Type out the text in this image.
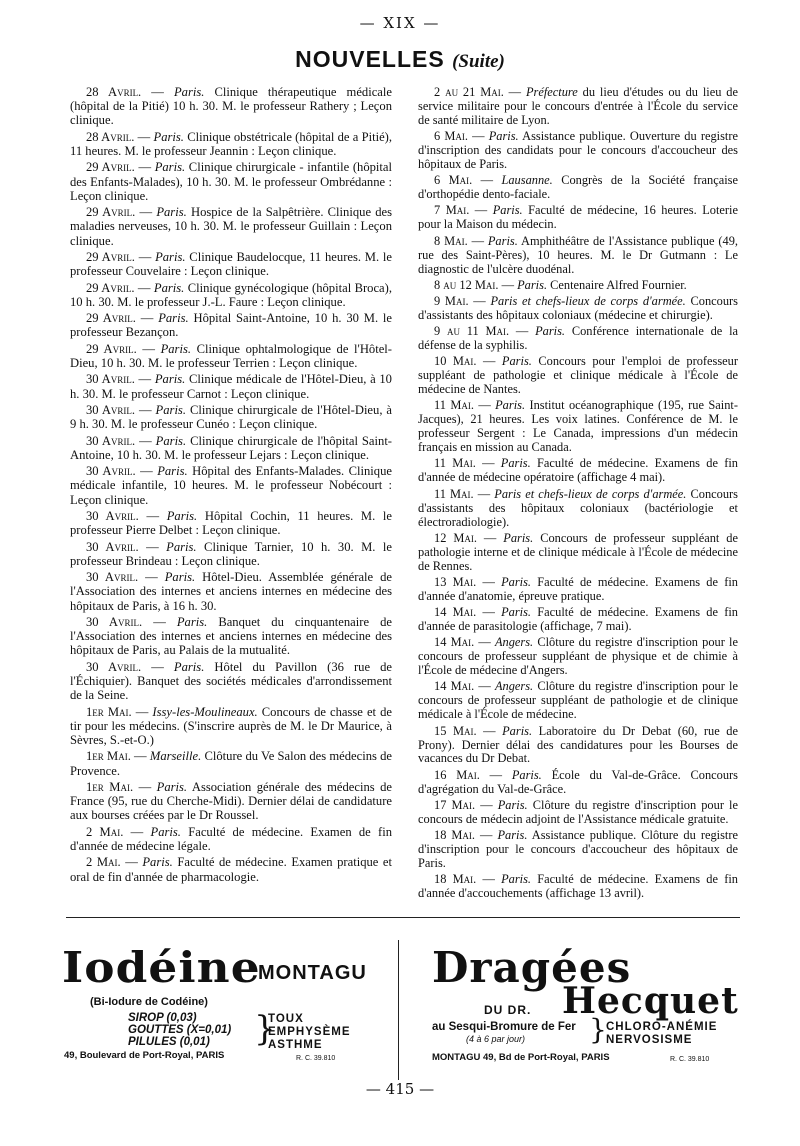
— XIX —
NOUVELLES (Suite)

28 Avril. — Paris. Clinique thérapeutique médicale (hôpital de la Pitié) 10 h. 30. M. le professeur Rathery ; Leçon clinique.

28 Avril. — Paris. Clinique obstétricale (hôpital de a Pitié), 11 heures. M. le professeur Jeannin : Leçon clinique.

29 Avril. — Paris. Clinique chirurgicale - infantile (hôpital des Enfants-Malades), 10 h. 30. M. le professeur Ombrédanne : Leçon clinique.

29 Avril. — Paris. Hospice de la Salpêtrière. Clinique des maladies nerveuses, 10 h. 30. M. le professeur Guillain : Leçon clinique.

29 Avril. — Paris. Clinique Baudelocque, 11 heures. M. le professeur Couvelaire : Leçon clinique.

29 Avril. — Paris. Clinique gynécologique (hôpital Broca), 10 h. 30. M. le professeur J.-L. Faure : Leçon clinique.

29 Avril. — Paris. Hôpital Saint-Antoine, 10 h. 30 M. le professeur Bezançon.

29 Avril. — Paris. Clinique ophtalmologique de l'Hôtel-Dieu, 10 h. 30. M. le professeur Terrien : Leçon clinique.

30 Avril. — Paris. Clinique médicale de l'Hôtel-Dieu, à 10 h. 30. M. le professeur Carnot : Leçon clinique.

30 Avril. — Paris. Clinique chirurgicale de l'Hôtel-Dieu, à 9 h. 30. M. le professeur Cunéo : Leçon clinique.

30 Avril. — Paris. Clinique chirurgicale de l'hôpital Saint-Antoine, 10 h. 30. M. le professeur Lejars : Leçon clinique.

30 Avril. — Paris. Hôpital des Enfants-Malades. Clinique médicale infantile, 10 heures. M. le professeur Nobécourt : Leçon clinique.

30 Avril. — Paris. Hôpital Cochin, 11 heures. M. le professeur Pierre Delbet : Leçon clinique.

30 Avril. — Paris. Clinique Tarnier, 10 h. 30. M. le professeur Brindeau : Leçon clinique.

30 Avril. — Paris. Hôtel-Dieu. Assemblée générale de l'Association des internes et anciens internes en médecine des hôpitaux de Paris, à 16 h. 30.

30 Avril. — Paris. Banquet du cinquantenaire de l'Association des internes et anciens internes en médecine des hôpitaux de Paris, au Palais de la mutualité.

30 Avril. — Paris. Hôtel du Pavillon (36 rue de l'Échiquier). Banquet des sociétés médicales d'arrondissement de la Seine.

1er Mai. — Issy-les-Moulineaux. Concours de chasse et de tir pour les médecins. (S'inscrire auprès de M. le Dr Maurice, à Sèvres, S.-et-O.)

1er Mai. — Marseille. Clôture du Ve Salon des médecins de Provence.

1er Mai. — Paris. Association générale des médecins de France (95, rue du Cherche-Midi). Dernier délai de candidature aux bourses créées par le Dr Roussel.

2 Mai. — Paris. Faculté de médecine. Examen de fin d'année de médecine légale.

2 Mai. — Paris. Faculté de médecine. Examen pratique et oral de fin d'année de pharmacologie.

2 au 21 Mai. — Préfecture du lieu d'études ou du lieu de service militaire pour le concours d'entrée à l'École du service de santé militaire de Lyon.

6 Mai. — Paris. Assistance publique. Ouverture du registre d'inscription des candidats pour le concours d'accoucheur des hôpitaux de Paris.

6 Mai. — Lausanne. Congrès de la Société française d'orthopédie dento-faciale.

7 Mai. — Paris. Faculté de médecine, 16 heures. Loterie pour la Maison du médecin.

8 Mai. — Paris. Amphithéâtre de l'Assistance publique (49, rue des Saint-Pères), 10 heures. M. le Dr Gutmann : Le diagnostic de l'ulcère duodénal.

8 au 12 Mai. — Paris. Centenaire Alfred Fournier.

9 Mai. — Paris et chefs-lieux de corps d'armée. Concours d'assistants des hôpitaux coloniaux (médecine et chirurgie).

9 au 11 Mai. — Paris. Conférence internationale de la défense de la syphilis.

10 Mai. — Paris. Concours pour l'emploi de professeur suppléant de pathologie et clinique médicale à l'École de médecine de Nantes.

11 Mai. — Paris. Institut océanographique (195, rue Saint-Jacques), 21 heures. Les voix latines. Conférence de M. le professeur Sergent : Le Canada, impressions d'un médecin français en mission au Canada.

11 Mai. — Paris. Faculté de médecine. Examens de fin d'année de médecine opératoire (affichage 4 mai).

11 Mai. — Paris et chefs-lieux de corps d'armée. Concours d'assistants des hôpitaux coloniaux (bactériologie et électroradiologie).

12 Mai. — Paris. Concours de professeur suppléant de pathologie interne et de clinique médicale à l'École de médecine de Rennes.

13 Mai. — Paris. Faculté de médecine. Examens de fin d'année d'anatomie, épreuve pratique.

14 Mai. — Paris. Faculté de médecine. Examens de fin d'année de parasitologie (affichage, 7 mai).

14 Mai. — Angers. Clôture du registre d'inscription pour le concours de professeur suppléant de physique et de chimie à l'École de médecine d'Angers.

14 Mai. — Angers. Clôture du registre d'inscription pour le concours de professeur suppléant de pathologie et de clinique médicale à l'École de médecine.

15 Mai. — Paris. Laboratoire du Dr Debat (60, rue de Prony). Dernier délai des candidatures pour les Bourses de vacances du Dr Debat.

16 Mai. — Paris. École du Val-de-Grâce. Concours d'agrégation du Val-de-Grâce.

17 Mai. — Paris. Clôture du registre d'inscription pour le concours de médecin adjoint de l'Assistance médicale gratuite.

18 Mai. — Paris. Assistance publique. Clôture du registre d'inscription pour le concours d'accoucheur des hôpitaux de Paris.

18 Mai. — Paris. Faculté de médecine. Examens de fin d'année d'accouchements (affichage 13 avril).

Iodéine
MONTAGU
(Bi-Iodure de Codéine)
SIROP (0,03)
GOUTTES (X=0,01)
PILULES (0,01)	}
TOUX
EMPHYSÈME
ASTHME
49, Boulevard de Port-Royal, PARIS	R. C. 39.810
Dragées
DU DR. Hecquet
au Sesqui-Bromure de Fer
(4 à 6 par jour) } CHLORO-ANÉMIE
NERVOSISME
MONTAGU 49, Bd de Port-Royal, PARIS	R. C. 39.810
— 415 —
